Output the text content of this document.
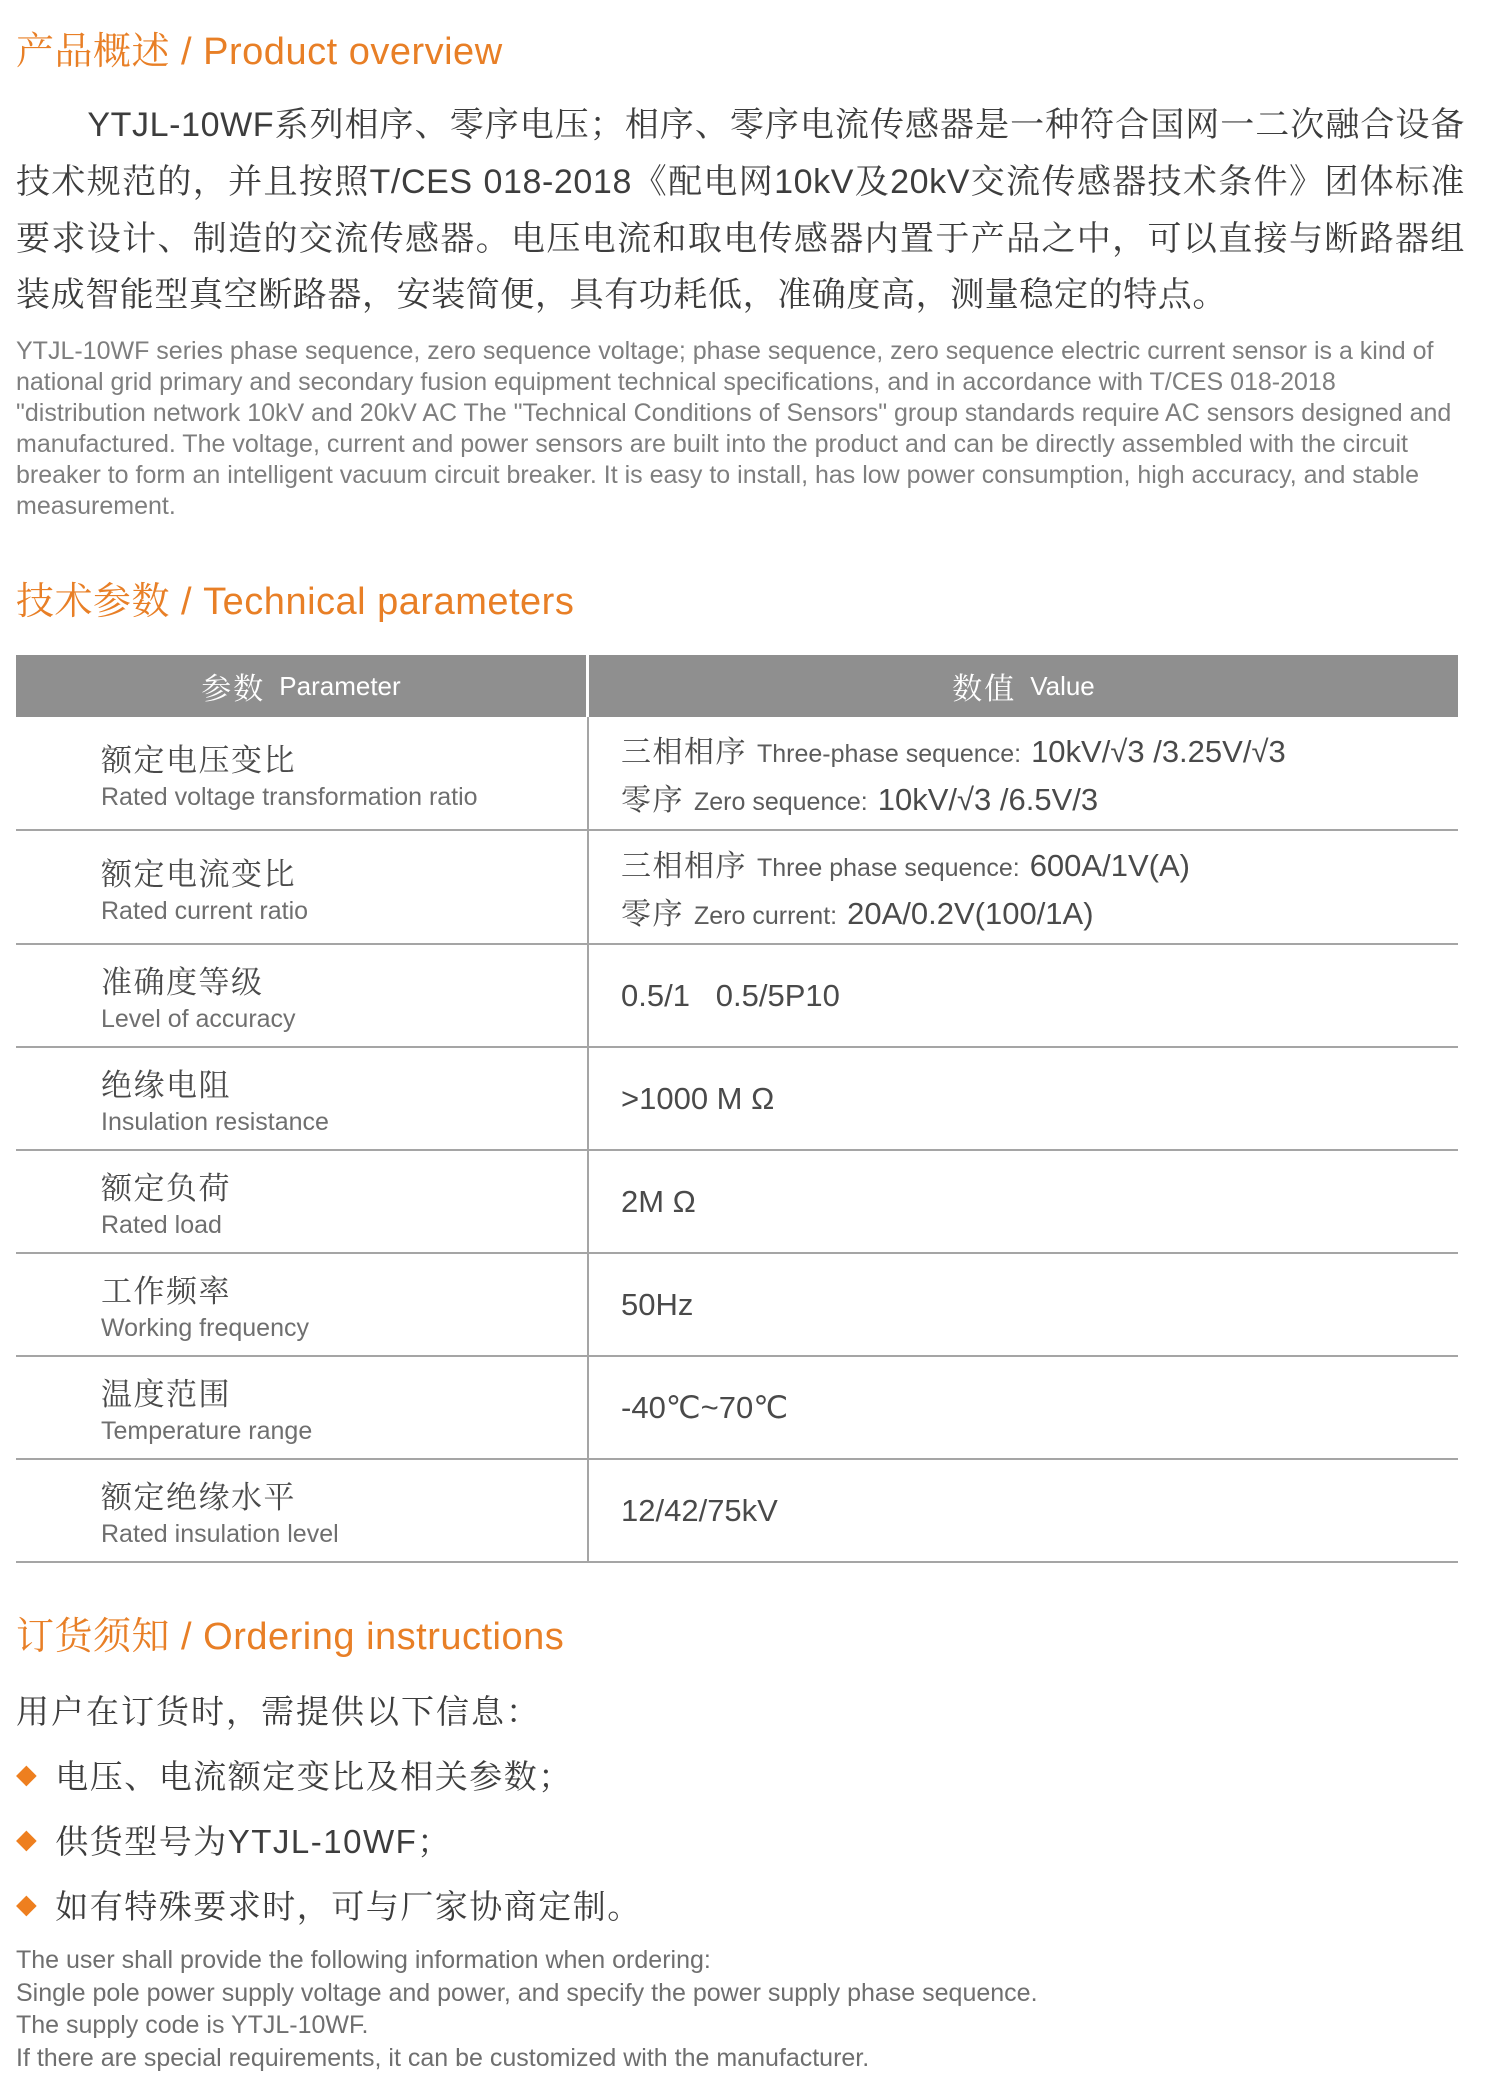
产品概述 / Product overview

YTJL-10WF系列相序、零序电压；相序、零序电流传感器是一种符合国网一二次融合设备技术规范的，并且按照T/CES 018-2018《配电网10kV及20kV交流传感器技术条件》团体标准要求设计、制造的交流传感器。电压电流和取电传感器内置于产品之中，可以直接与断路器组装成智能型真空断路器，安装简便，具有功耗低，准确度高，测量稳定的特点。

YTJL-10WF series phase sequence, zero sequence voltage; phase sequence, zero sequence electric current sensor is a kind of national grid primary and secondary fusion equipment technical specifications, and in accordance with T/CES 018-2018 "distribution network 10kV and 20kV AC The "Technical Conditions of Sensors" group standards require AC sensors designed and manufactured. The voltage, current and power sensors are built into the product and can be directly assembled with the circuit breaker to form an intelligent vacuum circuit breaker. It is easy to install, has low power consumption, high accuracy, and stable measurement.

技术参数 / Technical parameters
参数 Parameter	数值 Value
额定电压变比
Rated voltage transformation ratio
三相相序 Three-phase sequence: 10kV/√3 /3.25V/√3
零序 Zero sequence: 10kV/√3 /6.5V/3
额定电流变比
Rated current ratio
三相相序 Three phase sequence: 600A/1V(A)
零序 Zero current: 20A/0.2V(100/1A)
准确度等级
Level of accuracy
0.5/1   0.5/5P10
绝缘电阻
Insulation resistance
>1000 M Ω
额定负荷
Rated load
2M Ω
工作频率
Working frequency
50Hz
温度范围
Temperature range
-40℃~70℃
额定绝缘水平
Rated insulation level
12/42/75kV
订货须知 / Ordering instructions

用户在订货时，需提供以下信息：

◆ 电压、电流额定变比及相关参数；
◆ 供货型号为YTJL-10WF；
◆ 如有特殊要求时，可与厂家协商定制。
The user shall provide the following information when ordering:
Single pole power supply voltage and power, and specify the power supply phase sequence.
The supply code is YTJL-10WF.
If there are special requirements, it can be customized with the manufacturer.
